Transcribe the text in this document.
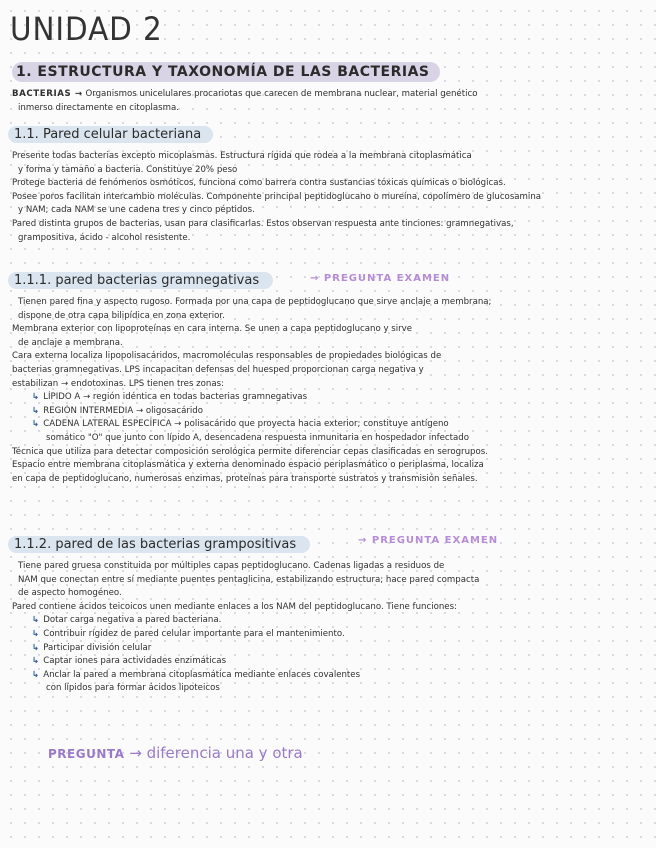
UNIDAD 2
1. ESTRUCTURA Y TAXONOMÍA DE LAS BACTERIAS

BACTERIAS → Organismos unicelulares procariotas que carecen de membrana nuclear, material genético

inmerso directamente en citoplasma.

1.1. Pared celular bacteriana

Presente todas bacterias excepto micoplasmas. Estructura rígida que rodea a la membrana citoplasmática

y forma y tamaño a bacteria. Constituye 20% peso

Protege bacteria de fenómenos osmóticos, funciona como barrera contra sustancias tóxicas químicas o biológicas.

Posee poros facilitan intercambio moléculas. Componente principal peptidoglucano o mureína, copolímero de glucosamina

y NAM; cada NAM se une cadena tres y cinco péptidos.

Pared distinta grupos de bacterias, usan para clasificarlas. Estos observan respuesta ante tinciones: gramnegativas,

grampositiva, ácido - alcohol resistente.

1.1.1. pared bacterias gramnegativas	→ PREGUNTA EXAMEN

Tienen pared fina y aspecto rugoso. Formada por una capa de peptidoglucano que sirve anclaje a membrana;

dispone de otra capa bilipídica en zona exterior.

Membrana exterior con lipoproteínas en cara interna. Se unen a capa peptidoglucano y sirve

de anclaje a membrana.

Cara externa localiza lipopolisacáridos, macromoléculas responsables de propiedades biológicas de

bacterias gramnegativas. LPS incapacitan defensas del huesped proporcionan carga negativa y

estabilizan → endotoxinas. LPS tienen tres zonas:

↳ LÍPIDO A → región idéntica en todas bacterias gramnegativas

↳ REGIÓN INTERMEDIA → oligosacárido

↳ CADENA LATERAL ESPECÍFICA → polisacárido que proyecta hacia exterior; constituye antígeno

somático "O" que junto con lípido A, desencadena respuesta inmunitaria en hospedador infectado

Técnica que utiliza para detectar composición serológica permite diferenciar cepas clasificadas en serogrupos.

Espacio entre membrana citoplasmática y externa denominado espacio periplasmático o periplasma, localiza

en capa de peptidoglucano, numerosas enzimas, proteínas para transporte sustratos y transmisión señales.

1.1.2. pared de las bacterias grampositivas	→ PREGUNTA EXAMEN

Tiene pared gruesa constituida por múltiples capas peptidoglucano. Cadenas ligadas a residuos de

NAM que conectan entre sí mediante puentes pentaglicina, estabilizando estructura; hace pared compacta

de aspecto homogéneo.

Pared contiene ácidos teicoicos unen mediante enlaces a los NAM del peptidoglucano. Tiene funciones:

↳ Dotar carga negativa a pared bacteriana.

↳ Contribuir rígidez de pared celular importante para el mantenimiento.

↳ Participar división celular

↳ Captar iones para actividades enzimáticas

↳ Anclar la pared a membrana citoplasmática mediante enlaces covalentes

con lípidos para formar ácidos lipoteicos

PREGUNTA → diferencia una y otra
